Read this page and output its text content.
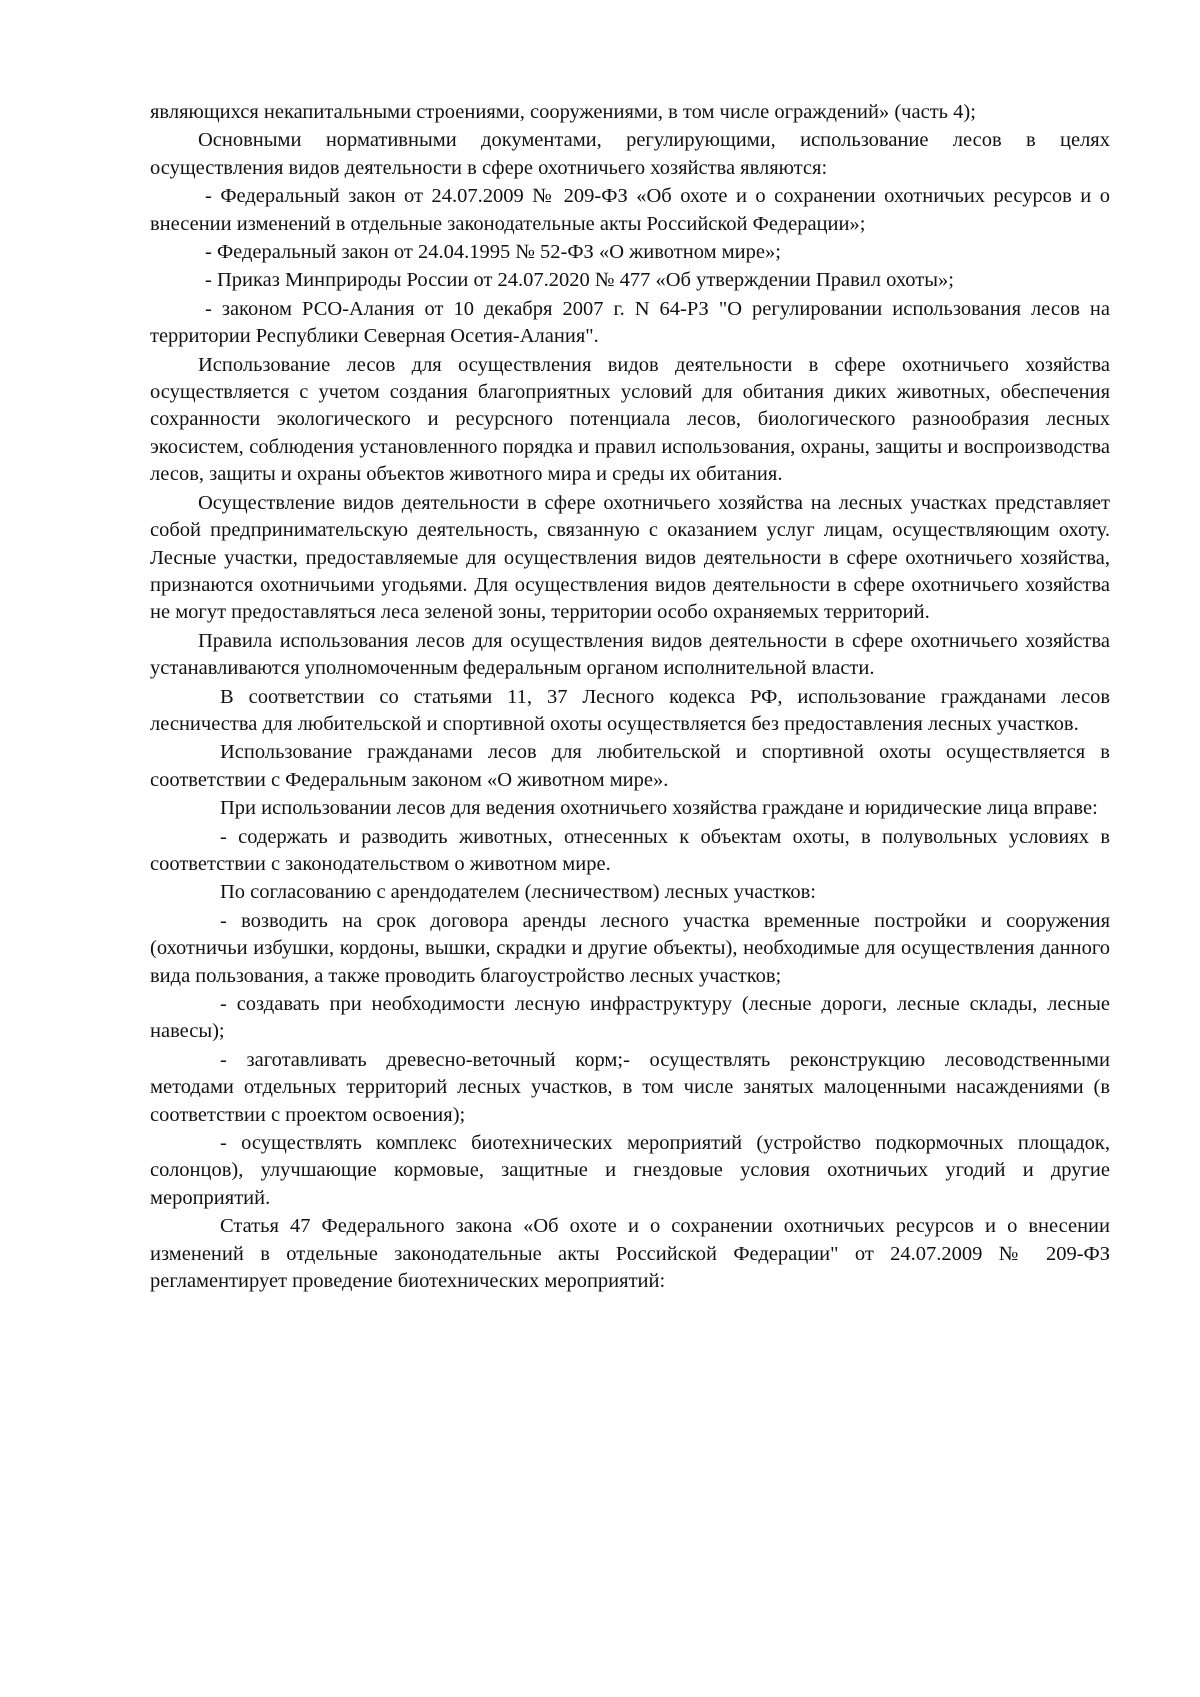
являющихся некапитальными строениями, сооружениями, в том числе ограждений» (часть 4);

Основными нормативными документами, регулирующими, использование лесов в целях осуществления видов деятельности в сфере охотничьего хозяйства являются:

- Федеральный закон от 24.07.2009 № 209-ФЗ «Об охоте и о сохранении охотничьих ресурсов и о внесении изменений в отдельные законодательные акты Российской Федерации»;

- Федеральный закон от 24.04.1995 № 52-ФЗ «О животном мире»;

- Приказ Минприроды России от 24.07.2020 № 477 «Об утверждении Правил охоты»;

- законом РСО-Алания от 10 декабря 2007 г. N 64-РЗ "О регулировании использования лесов на территории Республики Северная Осетия-Алания".

Использование лесов для осуществления видов деятельности в сфере охотничьего хозяйства осуществляется с учетом создания благоприятных условий для обитания диких животных, обеспечения сохранности экологического и ресурсного потенциала лесов, биологического разнообразия лесных экосистем, соблюдения установленного порядка и правил использования, охраны, защиты и воспроизводства лесов, защиты и охраны объектов животного мира и среды их обитания.

Осуществление видов деятельности в сфере охотничьего хозяйства на лесных участках представляет собой предпринимательскую деятельность, связанную с оказанием услуг лицам, осуществляющим охоту. Лесные участки, предоставляемые для осуществления видов деятельности в сфере охотничьего хозяйства, признаются охотничьими угодьями. Для осуществления видов деятельности в сфере охотничьего хозяйства не могут предоставляться леса зеленой зоны, территории особо охраняемых территорий.

Правила использования лесов для осуществления видов деятельности в сфере охотничьего хозяйства устанавливаются уполномоченным федеральным органом исполнительной власти.

В соответствии со статьями 11, 37 Лесного кодекса РФ, использование гражданами лесов лесничества для любительской и спортивной охоты осуществляется без предоставления лесных участков.

Использование гражданами лесов для любительской и спортивной охоты осуществляется в соответствии с Федеральным законом «О животном мире».

При использовании лесов для ведения охотничьего хозяйства граждане и юридические лица вправе:

- содержать и разводить животных, отнесенных к объектам охоты, в полувольных условиях в соответствии с законодательством о животном мире.

По согласованию с арендодателем (лесничеством) лесных участков:

- возводить на срок договора аренды лесного участка временные постройки и сооружения (охотничьи избушки, кордоны, вышки, скрадки и другие объекты), необходимые для осуществления данного вида пользования, а также проводить благоустройство лесных участков;

- создавать при необходимости лесную инфраструктуру (лесные дороги, лесные склады, лесные навесы);

- заготавливать древесно-веточный корм;- осуществлять реконструкцию лесоводственными методами отдельных территорий лесных участков, в том числе занятых малоценными насаждениями (в соответствии с проектом освоения);

- осуществлять комплекс биотехнических мероприятий (устройство подкормочных площадок, солонцов), улучшающие кормовые, защитные и гнездовые условия охотничьих угодий и другие мероприятий.

Статья 47 Федерального закона «Об охоте и о сохранении охотничьих ресурсов и о внесении изменений в отдельные законодательные акты Российской Федерации" от 24.07.2009 № 209-ФЗ регламентирует проведение биотехнических мероприятий:
